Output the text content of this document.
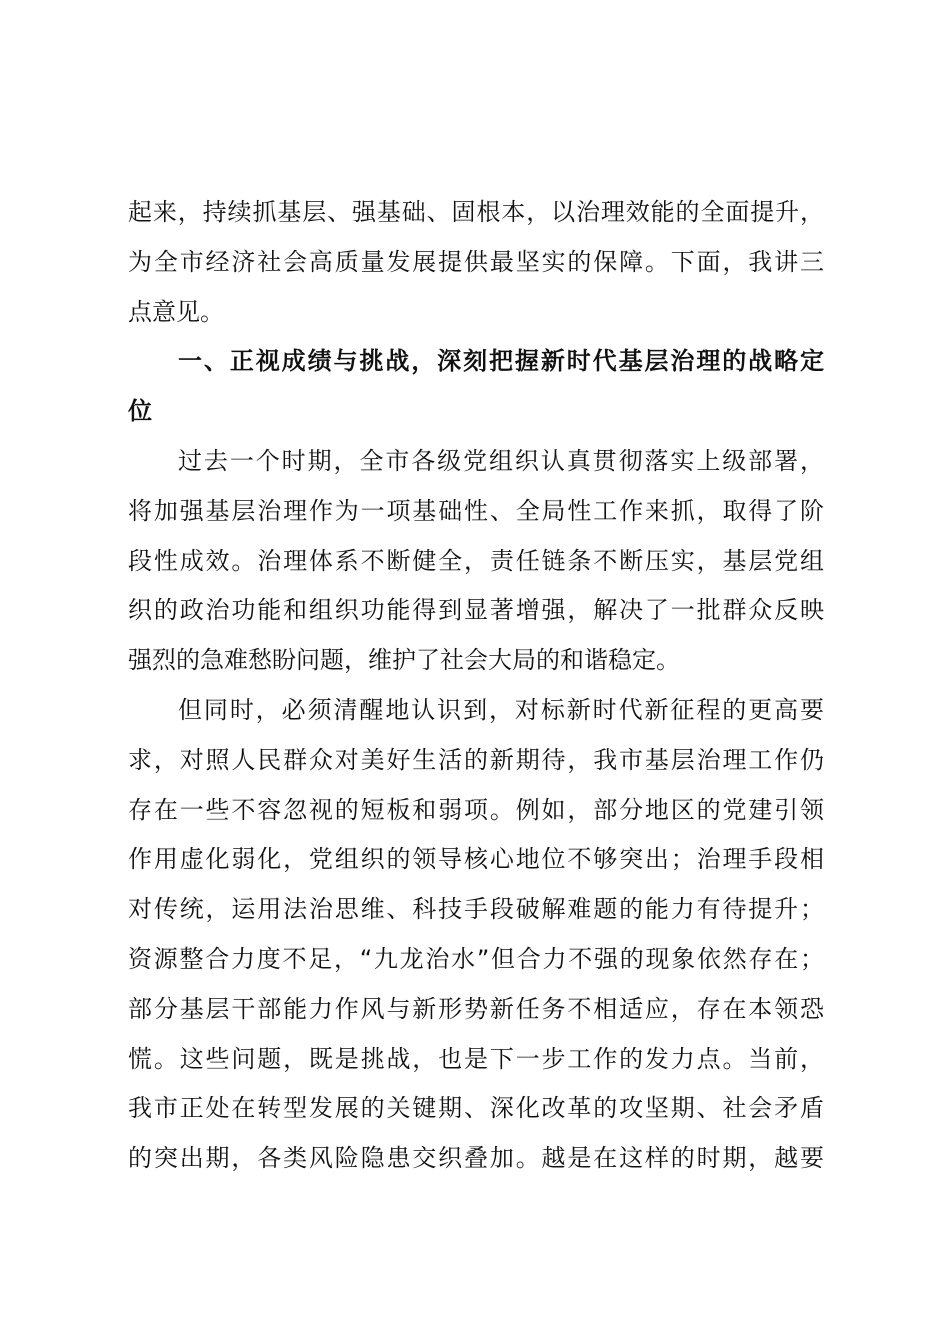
起来，持续抓基层、强基础、固根本，以治理效能的全面提升，
为全市经济社会高质量发展提供最坚实的保障。下面，我讲三
点意见。
一、正视成绩与挑战，深刻把握新时代基层治理的战略定
位
过去一个时期，全市各级党组织认真贯彻落实上级部署，
将加强基层治理作为一项基础性、全局性工作来抓，取得了阶
段性成效。治理体系不断健全，责任链条不断压实，基层党组
织的政治功能和组织功能得到显著增强，解决了一批群众反映
强烈的急难愁盼问题，维护了社会大局的和谐稳定。
但同时，必须清醒地认识到，对标新时代新征程的更高要
求，对照人民群众对美好生活的新期待，我市基层治理工作仍
存在一些不容忽视的短板和弱项。例如，部分地区的党建引领
作用虚化弱化，党组织的领导核心地位不够突出；治理手段相
对传统，运用法治思维、科技手段破解难题的能力有待提升；
资源整合力度不足，“九龙治水”但合力不强的现象依然存在；
部分基层干部能力作风与新形势新任务不相适应，存在本领恐
慌。这些问题，既是挑战，也是下一步工作的发力点。当前，
我市正处在转型发展的关键期、深化改革的攻坚期、社会矛盾
的突出期，各类风险隐患交织叠加。越是在这样的时期，越要
